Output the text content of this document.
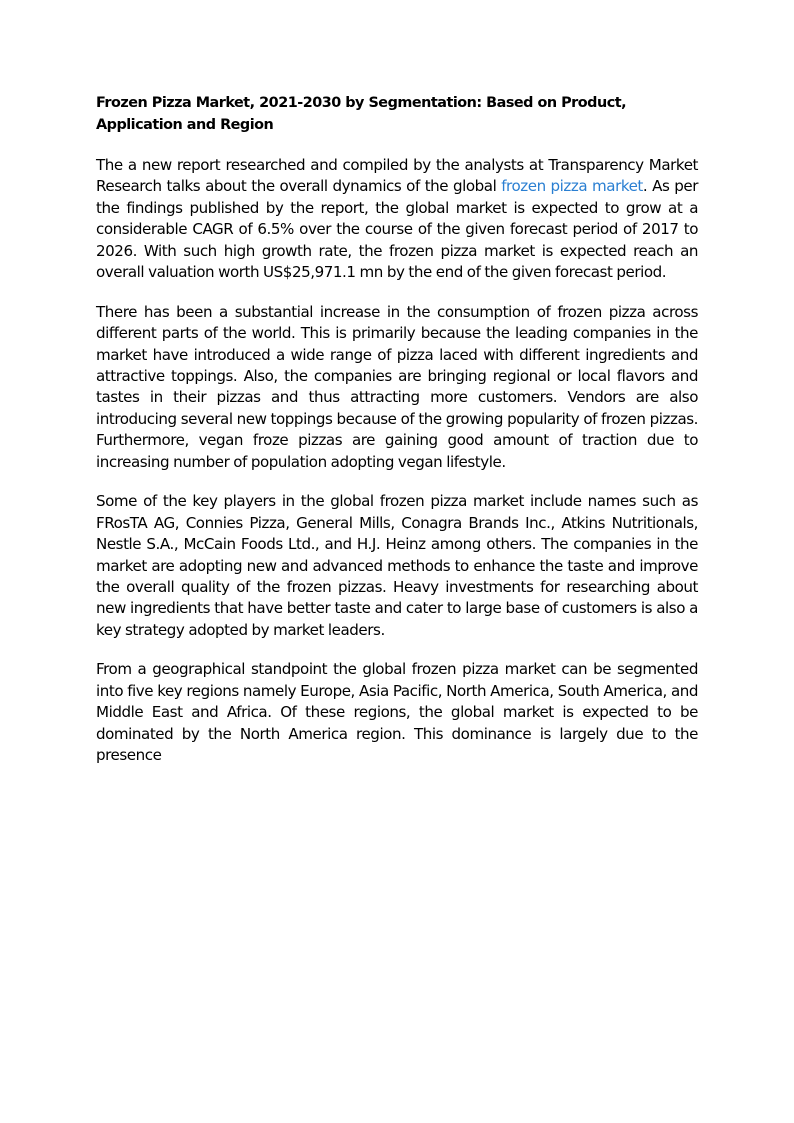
Frozen Pizza Market, 2021-2030 by Segmentation: Based on Product, Application and Region

The a new report researched and compiled by the analysts at Transparency Market Research talks about the overall dynamics of the global frozen pizza market. As per the findings published by the report, the global market is expected to grow at a considerable CAGR of 6.5% over the course of the given forecast period of 2017 to 2026. With such high growth rate, the frozen pizza market is expected reach an overall valuation worth US$25,971.1 mn by the end of the given forecast period.

There has been a substantial increase in the consumption of frozen pizza across different parts of the world. This is primarily because the leading companies in the market have introduced a wide range of pizza laced with different ingredients and attractive toppings. Also, the companies are bringing regional or local flavors and tastes in their pizzas and thus attracting more customers. Vendors are also introducing several new toppings because of the growing popularity of frozen pizzas. Furthermore, vegan froze pizzas are gaining good amount of traction due to increasing number of population adopting vegan lifestyle.

Some of the key players in the global frozen pizza market include names such as FRosTA AG, Connies Pizza, General Mills, Conagra Brands Inc., Atkins Nutritionals, Nestle S.A., McCain Foods Ltd., and H.J. Heinz among others. The companies in the market are adopting new and advanced methods to enhance the taste and improve the overall quality of the frozen pizzas. Heavy investments for researching about new ingredients that have better taste and cater to large base of customers is also a key strategy adopted by market leaders.

From a geographical standpoint the global frozen pizza market can be segmented into five key regions namely Europe, Asia Pacific, North America, South America, and Middle East and Africa. Of these regions, the global market is expected to be dominated by the North America region. This dominance is largely due to the presence
